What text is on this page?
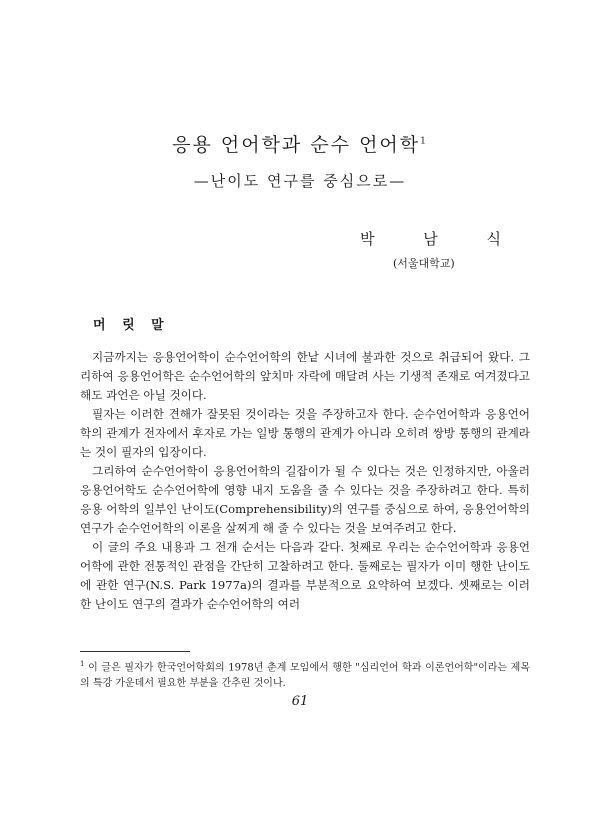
응용 언어학과 순수 언어학$^1$
—난이도 연구를 중심으로—
박 남 식
(서울대학교)
머 릿 말

지금까지는 응용언어학이 순수언어학의 한낱 시녀에 불과한 것으로 취급되어 왔다. 그리하여 응용언어학은 순수언어학의 앞치마 자락에 매달려 사는 기생적 존재로 여겨졌다고 해도 과언은 아닐 것이다.

필자는 이러한 견해가 잘못된 것이라는 것을 주장하고자 한다. 순수언어학과 응용언어학의 관계가 전자에서 후자로 가는 일방 통행의 관계가 아니라 오히려 쌍방 통행의 관계라는 것이 필자의 입장이다.

그리하여 순수언어학이 응용언어학의 길잡이가 될 수 있다는 것은 인정하지만, 아울러 응용언어학도 순수언어학에 영향 내지 도움을 줄 수 있다는 것을 주장하려고 한다. 특히 응용 어학의 일부인 난이도(Comprehensibility)의 연구를 중심으로 하여, 응용언어학의 연구가 순수언어학의 이론을 살찌게 해 줄 수 있다는 것을 보여주려고 한다.

이 글의 주요 내용과 그 전개 순서는 다음과 같다. 첫째로 우리는 순수언어학과 응용언어학에 관한 전통적인 관점을 간단히 고찰하려고 한다. 둘째로는 필자가 이미 행한 난이도에 관한 연구(N.S. Park 1977a)의 결과를 부분적으로 요약하여 보겠다. 셋째로는 이러한 난이도 연구의 결과가 순수언어학의 여러

$^1$ 이 글은 필자가 한국언어학회의 1978년 춘계 모임에서 행한 "심리언어 학과 이론언어학"이라는 제목의 특강 가운데서 필요한 부분을 간추린 것이나.
61
